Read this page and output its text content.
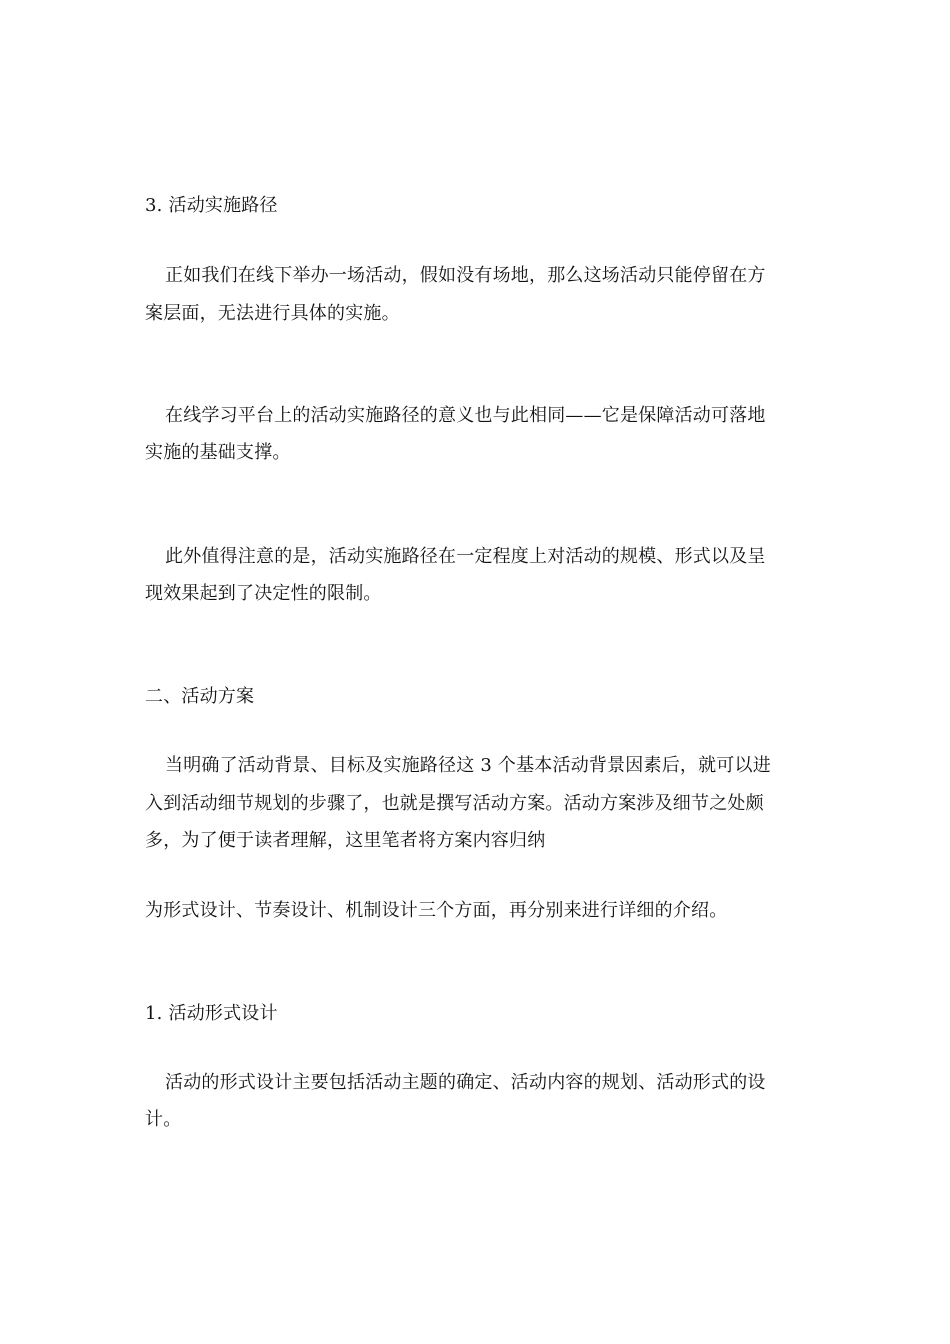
3. 活动实施路径
正如我们在线下举办一场活动，假如没有场地，那么这场活动只能停留在方
案层面，无法进行具体的实施。
在线学习平台上的活动实施路径的意义也与此相同——它是保障活动可落地
实施的基础支撑。
此外值得注意的是，活动实施路径在一定程度上对活动的规模、形式以及呈
现效果起到了决定性的限制。
二、活动方案
当明确了活动背景、目标及实施路径这 3 个基本活动背景因素后，就可以进
入到活动细节规划的步骤了，也就是撰写活动方案。活动方案涉及细节之处颇
多，为了便于读者理解，这里笔者将方案内容归纳
为形式设计、节奏设计、机制设计三个方面，再分别来进行详细的介绍。
1. 活动形式设计
活动的形式设计主要包括活动主题的确定、活动内容的规划、活动形式的设
计。
